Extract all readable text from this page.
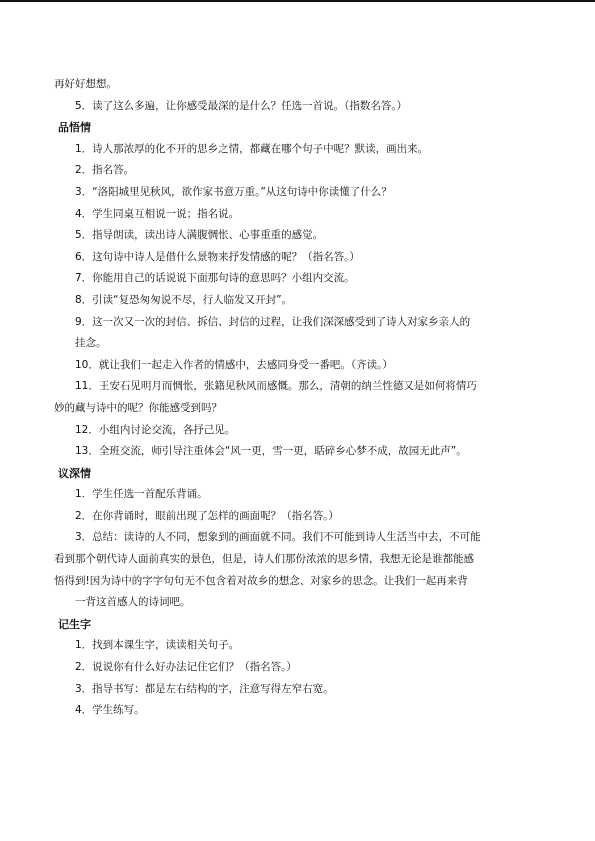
再好好想想。
5．读了这么多遍，让你感受最深的是什么？任选一首说。（指数名答。）
品悟情
1．诗人那浓厚的化不开的思乡之情，都藏在哪个句子中呢？默读，画出来。
2．指名答。
3．“洛阳城里见秋风，欲作家书意万重。”从这句诗中你读懂了什么？
4．学生同桌互相说一说；指名说。
5．指导朗读，读出诗人满腹惆怅、心事重重的感觉。
6．这句诗中诗人是借什么景物来抒发情感的呢？（指名答。）
7．你能用自己的话说说下面那句诗的意思吗？小组内交流。
8．引读“复恐匆匆说不尽，行人临发又开封”。
9．这一次又一次的封信、拆信、封信的过程，让我们深深感受到了诗人对家乡亲人的
挂念。
10．就让我们一起走入作者的情感中，去感同身受一番吧。（齐读。）
11．王安石见明月而惆怅，张籍见秋风而感慨。那么，清朝的纳兰性德又是如何将情巧
妙的藏与诗中的呢？你能感受到吗？
12．小组内讨论交流，各抒己见。
13．全班交流，师引导注重体会“风一更，雪一更，聒碎乡心梦不成，故园无此声”。
议深情
1．学生任选一首配乐背诵。
2．在你背诵时，眼前出现了怎样的画面呢？（指名答。）
3．总结：读诗的人不同，想象到的画面就不同。我们不可能到诗人生活当中去，不可能
看到那个朝代诗人面前真实的景色，但是，诗人们那份浓浓的思乡情，我想无论是谁都能感
悟得到!因为诗中的字字句句无不包含着对故乡的想念、对家乡的思念。让我们一起再来背
一背这首感人的诗词吧。
记生字
1．找到本课生字，读读相关句子。
2．说说你有什么好办法记住它们？（指名答。）
3．指导书写：都是左右结构的字，注意写得左窄右宽。
4．学生练写。
